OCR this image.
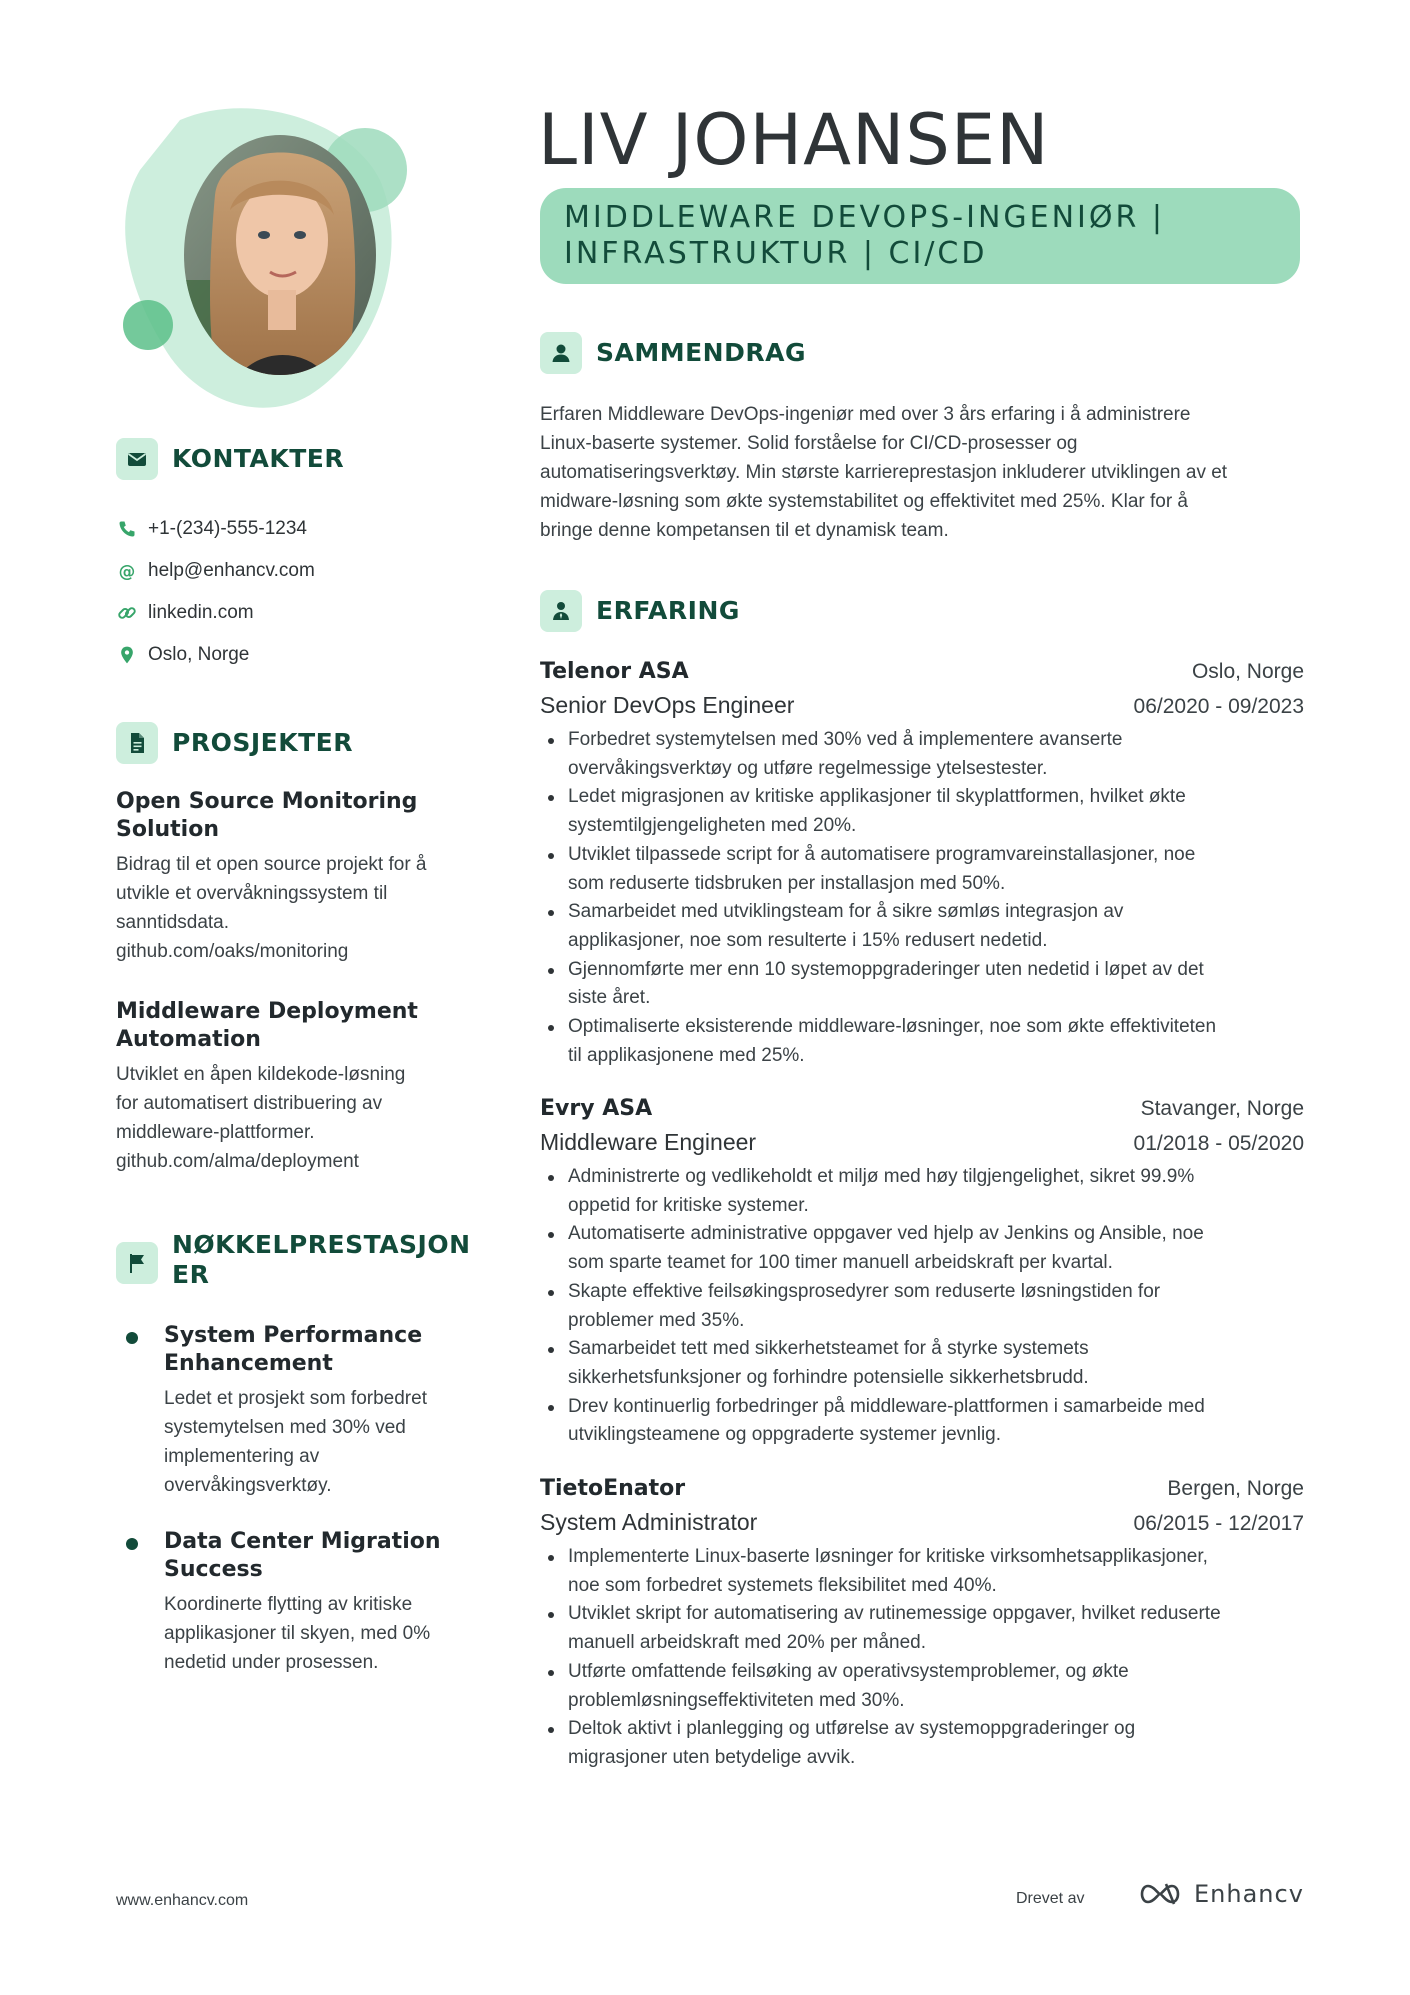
KONTAKTER
+1-(234)-555-1234
@ help@enhancv.com
linkedin.com
Oslo, Norge
PROSJEKTER
Open Source Monitoring
Solution
Bidrag til et open source projekt for å
utvikle et overvåkningssystem til
sanntidsdata.
github.com/oaks/monitoring
Middleware Deployment
Automation
Utviklet en åpen kildekode-løsning
for automatisert distribuering av
middleware-plattformer.
github.com/alma/deployment
NØKKELPRESTASJON
ER
System Performance
Enhancement
Ledet et prosjekt som forbedret
systemytelsen med 30% ved
implementering av
overvåkingsverktøy.
Data Center Migration
Success
Koordinerte flytting av kritiske
applikasjoner til skyen, med 0%
nedetid under prosessen.
LIV JOHANSEN
MIDDLEWARE DEVOPS-INGENIØR |
INFRASTRUKTUR | CI/CD
SAMMENDRAG
Erfaren Middleware DevOps-ingeniør med over 3 års erfaring i å administrere
Linux-baserte systemer. Solid forståelse for CI/CD-prosesser og
automatiseringsverktøy. Min største karriereprestasjon inkluderer utviklingen av et
midware-løsning som økte systemstabilitet og effektivitet med 25%. Klar for å
bringe denne kompetansen til et dynamisk team.
ERFARING
Telenor ASA	Oslo, Norge
Senior DevOps Engineer	06/2020 - 09/2023
Forbedret systemytelsen med 30% ved å implementere avanserte
overvåkingsverktøy og utføre regelmessige ytelsestester.
Ledet migrasjonen av kritiske applikasjoner til skyplattformen, hvilket økte
systemtilgjengeligheten med 20%.
Utviklet tilpassede script for å automatisere programvareinstallasjoner, noe
som reduserte tidsbruken per installasjon med 50%.
Samarbeidet med utviklingsteam for å sikre sømløs integrasjon av
applikasjoner, noe som resulterte i 15% redusert nedetid.
Gjennomførte mer enn 10 systemoppgraderinger uten nedetid i løpet av det
siste året.
Optimaliserte eksisterende middleware-løsninger, noe som økte effektiviteten
til applikasjonene med 25%.
Evry ASA	Stavanger, Norge
Middleware Engineer	01/2018 - 05/2020
Administrerte og vedlikeholdt et miljø med høy tilgjengelighet, sikret 99.9%
oppetid for kritiske systemer.
Automatiserte administrative oppgaver ved hjelp av Jenkins og Ansible, noe
som sparte teamet for 100 timer manuell arbeidskraft per kvartal.
Skapte effektive feilsøkingsprosedyrer som reduserte løsningstiden for
problemer med 35%.
Samarbeidet tett med sikkerhetsteamet for å styrke systemets
sikkerhetsfunksjoner og forhindre potensielle sikkerhetsbrudd.
Drev kontinuerlig forbedringer på middleware-plattformen i samarbeide med
utviklingsteamene og oppgraderte systemer jevnlig.
TietoEnator	Bergen, Norge
System Administrator	06/2015 - 12/2017
Implementerte Linux-baserte løsninger for kritiske virksomhetsapplikasjoner,
noe som forbedret systemets fleksibilitet med 40%.
Utviklet skript for automatisering av rutinemessige oppgaver, hvilket reduserte
manuell arbeidskraft med 20% per måned.
Utførte omfattende feilsøking av operativsystemproblemer, og økte
problemløsningseffektiviteten med 30%.
Deltok aktivt i planlegging og utførelse av systemoppgraderinger og
migrasjoner uten betydelige avvik.
www.enhancv.com	Drevet av	Enhancv
